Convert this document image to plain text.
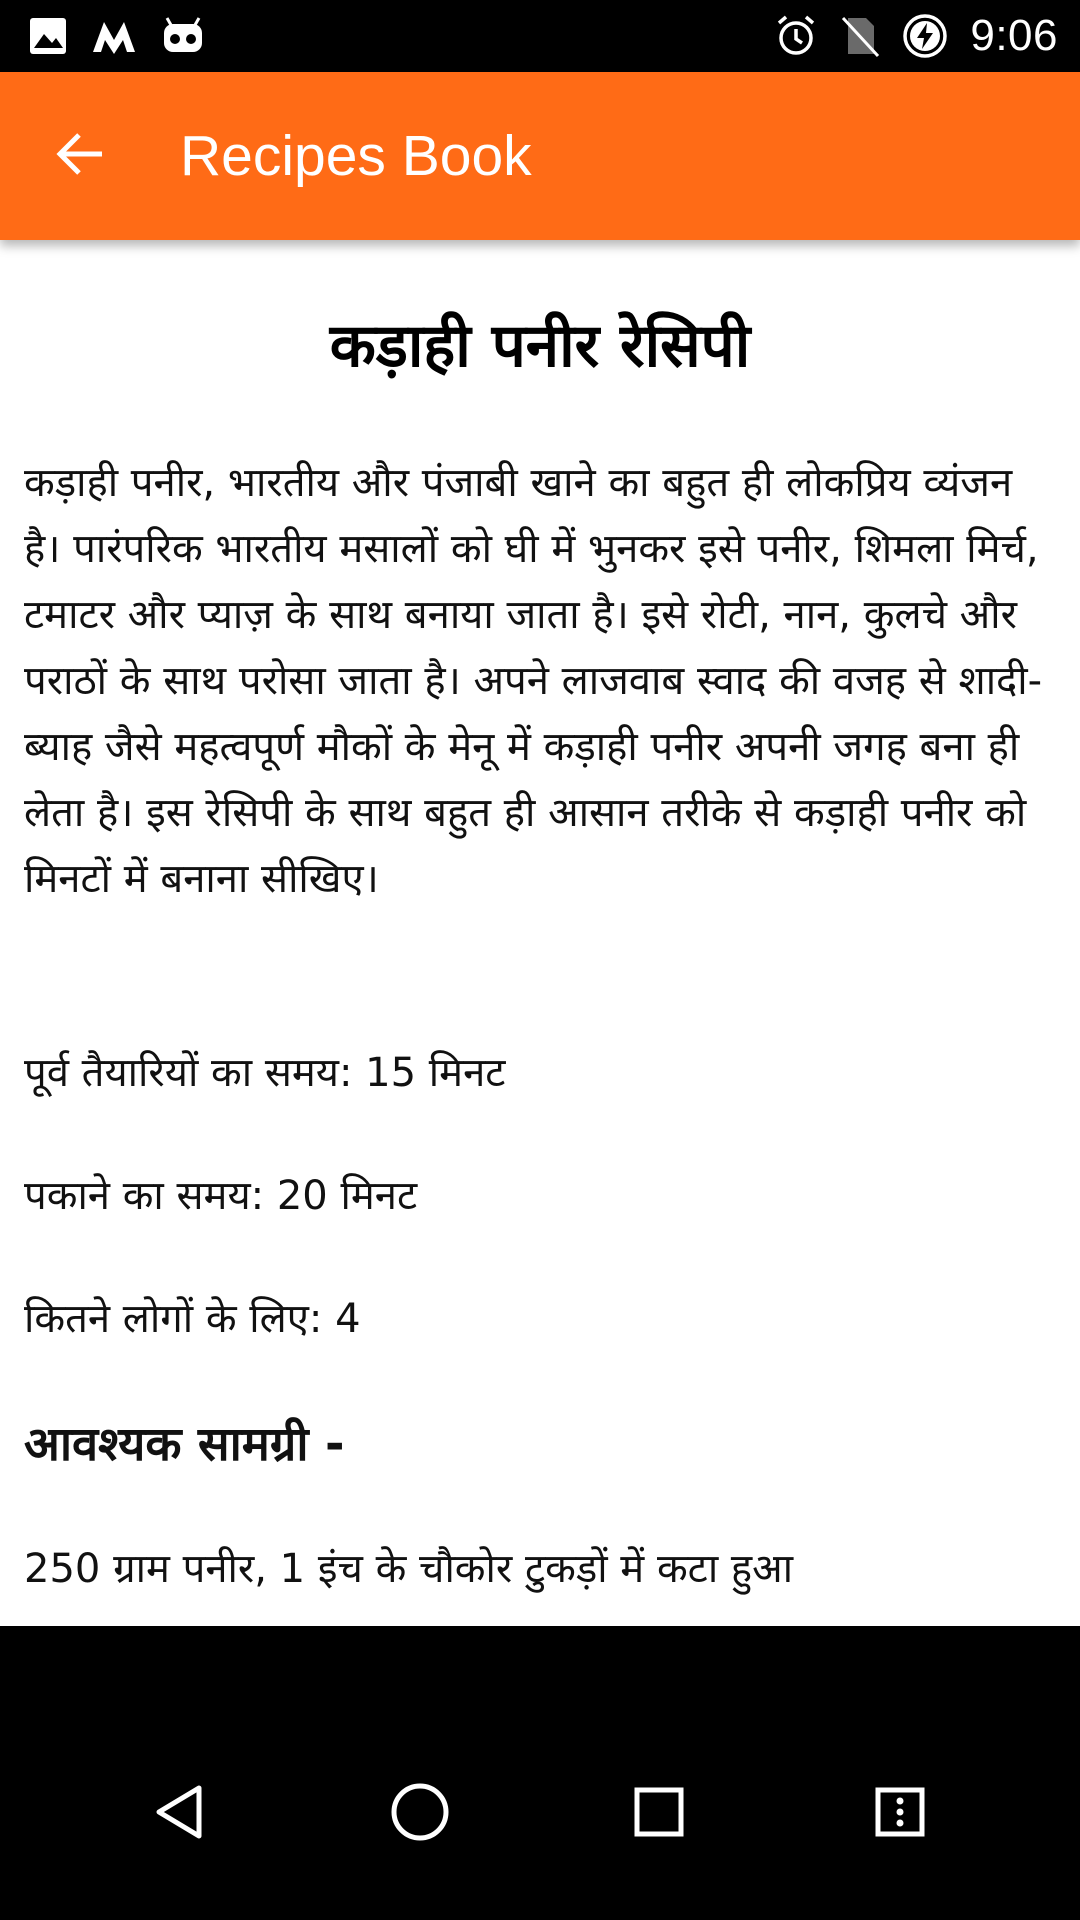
9:06
Recipes Book
कड़ाही पनीर रेसिपी
कड़ाही पनीर, भारतीय और पंजाबी खाने का बहुत ही लोकप्रिय व्यंजन है। पारंपरिक भारतीय मसालों को घी में भुनकर इसे पनीर, शिमला मिर्च, टमाटर और प्याज़ के साथ बनाया जाता है। इसे रोटी, नान, कुलचे और पराठों के साथ परोसा जाता है। अपने लाजवाब स्वाद की वजह से शादी- ब्याह जैसे महत्वपूर्ण मौकों के मेनू में कड़ाही पनीर अपनी जगह बना ही लेता है। इस रेसिपी के साथ बहुत ही आसान तरीके से कड़ाही पनीर को मिनटों में बनाना सीखिए।
पूर्व तैयारियों का समय: 15 मिनट
पकाने का समय: 20 मिनट
कितने लोगों के लिए: 4
आवश्यक सामग्री -
250 ग्राम पनीर, 1 इंच के चौकोर टुकड़ों में कटा हुआ
